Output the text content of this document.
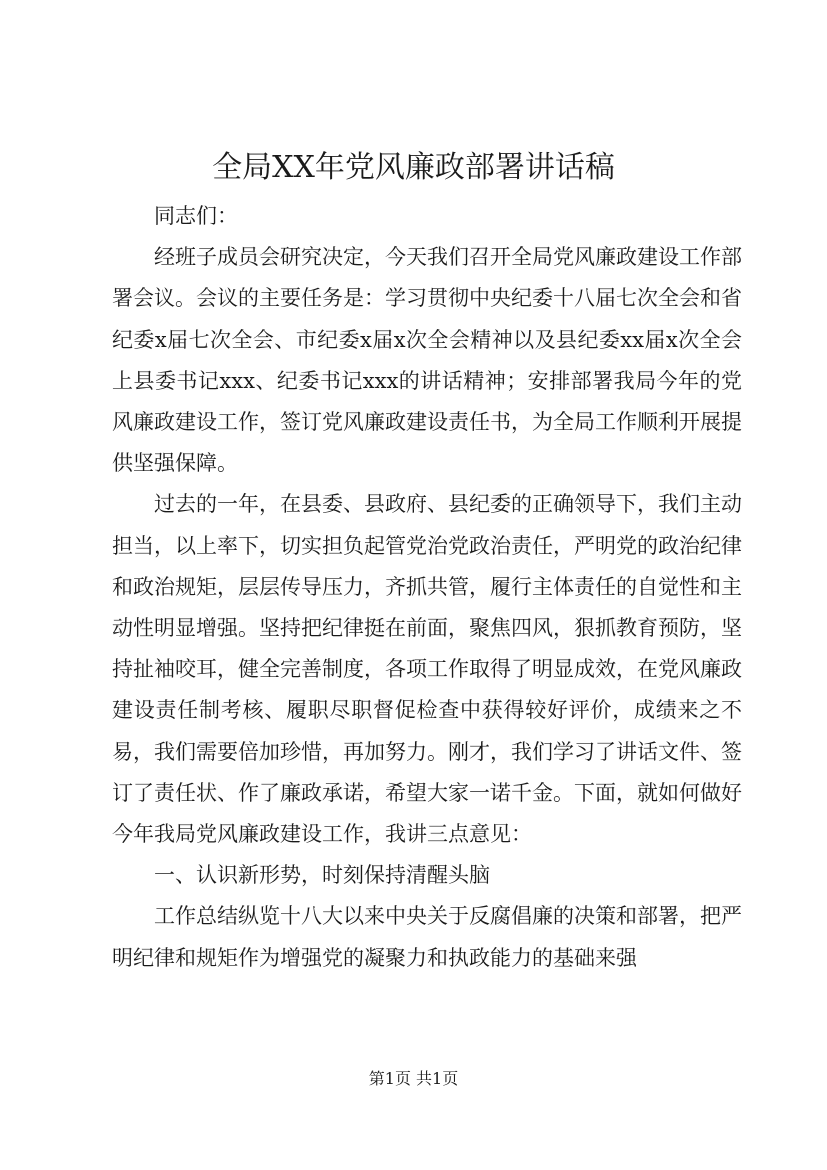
全局XX年党风廉政部署讲话稿

同志们：

经班子成员会研究决定，今天我们召开全局党风廉政建设工作部署会议。会议的主要任务是：学习贯彻中央纪委十八届七次全会和省纪委x届七次全会、市纪委x届x次全会精神以及县纪委xx届x次全会上县委书记xxx、纪委书记xxx的讲话精神；安排部署我局今年的党风廉政建设工作，签订党风廉政建设责任书，为全局工作顺利开展提供坚强保障。

过去的一年，在县委、县政府、县纪委的正确领导下，我们主动担当，以上率下，切实担负起管党治党政治责任，严明党的政治纪律和政治规矩，层层传导压力，齐抓共管，履行主体责任的自觉性和主动性明显增强。坚持把纪律挺在前面，聚焦四风，狠抓教育预防，坚持扯袖咬耳，健全完善制度，各项工作取得了明显成效，在党风廉政建设责任制考核、履职尽职督促检查中获得较好评价，成绩来之不易，我们需要倍加珍惜，再加努力。刚才，我们学习了讲话文件、签订了责任状、作了廉政承诺，希望大家一诺千金。下面，就如何做好今年我局党风廉政建设工作，我讲三点意见：

一、认识新形势，时刻保持清醒头脑

工作总结纵览十八大以来中央关于反腐倡廉的决策和部署，把严明纪律和规矩作为增强党的凝聚力和执政能力的基础来强

第1页 共1页
